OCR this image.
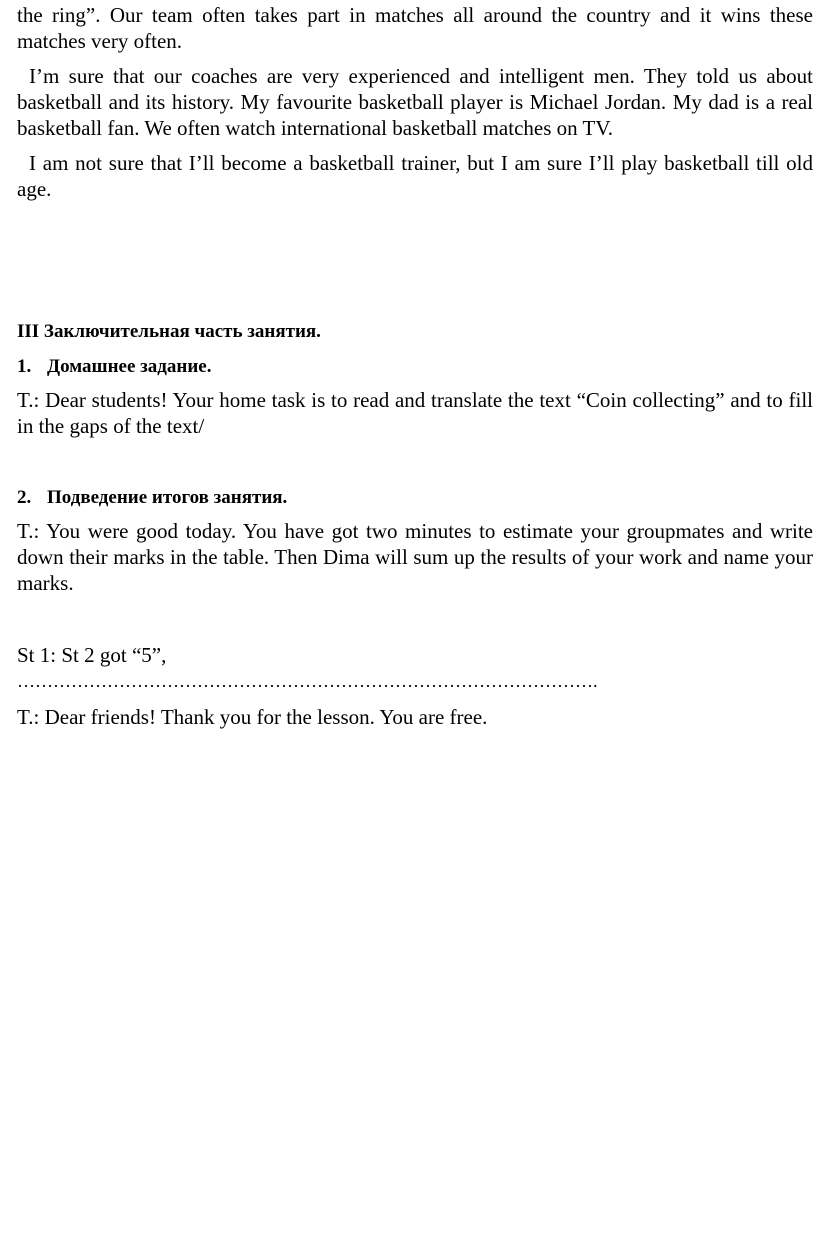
the ring”. Our team often takes part in matches all around the country and it wins these matches very often.

I’m sure that our coaches are very experienced and intelligent men. They told us about basketball and its history. My favourite basketball player is Michael Jordan. My dad is a real basketball fan. We often watch international basketball matches on TV.

I am not sure that I’ll become a basketball trainer, but I am sure I’ll play basketball till old age.

III Заключительная часть занятия.

1. Домашнее задание.

T.: Dear students! Your home task is to read and translate the text “Coin collecting” and to fill in the gaps of the text/

2. Подведение итогов занятия.

T.: You were good today. You have got two minutes to estimate your groupmates and write down their marks in the table. Then Dima will sum up the results of your work and name your marks.

St 1: St 2 got “5”,

…………………………………………………………………………………….

T.: Dear friends! Thank you for the lesson. You are free.
